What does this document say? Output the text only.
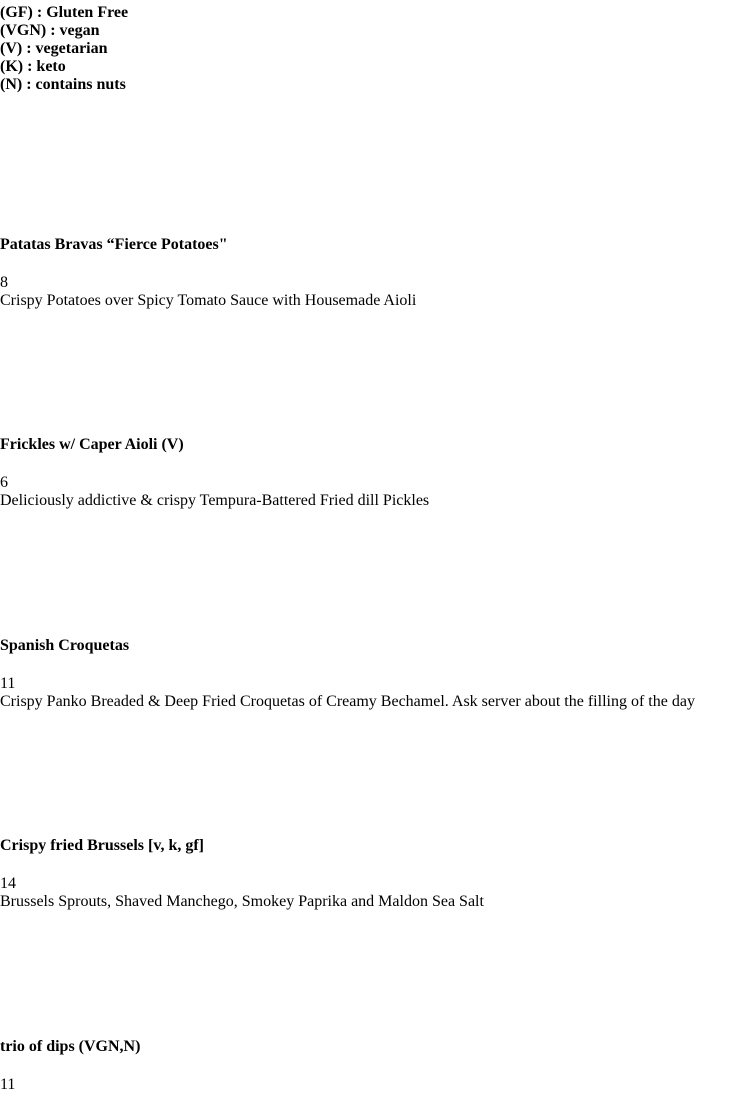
(GF) : Gluten Free
(VGN) : vegan
(V) : vegetarian
(K) : keto
(N) : contains nuts
Patatas Bravas “Fierce Potatoes"
8
Crispy Potatoes over Spicy Tomato Sauce with Housemade Aioli
Frickles w/ Caper Aioli (V)
6
Deliciously addictive & crispy Tempura-Battered Fried dill Pickles
Spanish Croquetas
11
Crispy Panko Breaded & Deep Fried Croquetas of Creamy Bechamel. Ask server about the filling of the day
Crispy fried Brussels [v, k, gf]
14
Brussels Sprouts, Shaved Manchego, Smokey Paprika and Maldon Sea Salt
trio of dips (VGN,N)
11
